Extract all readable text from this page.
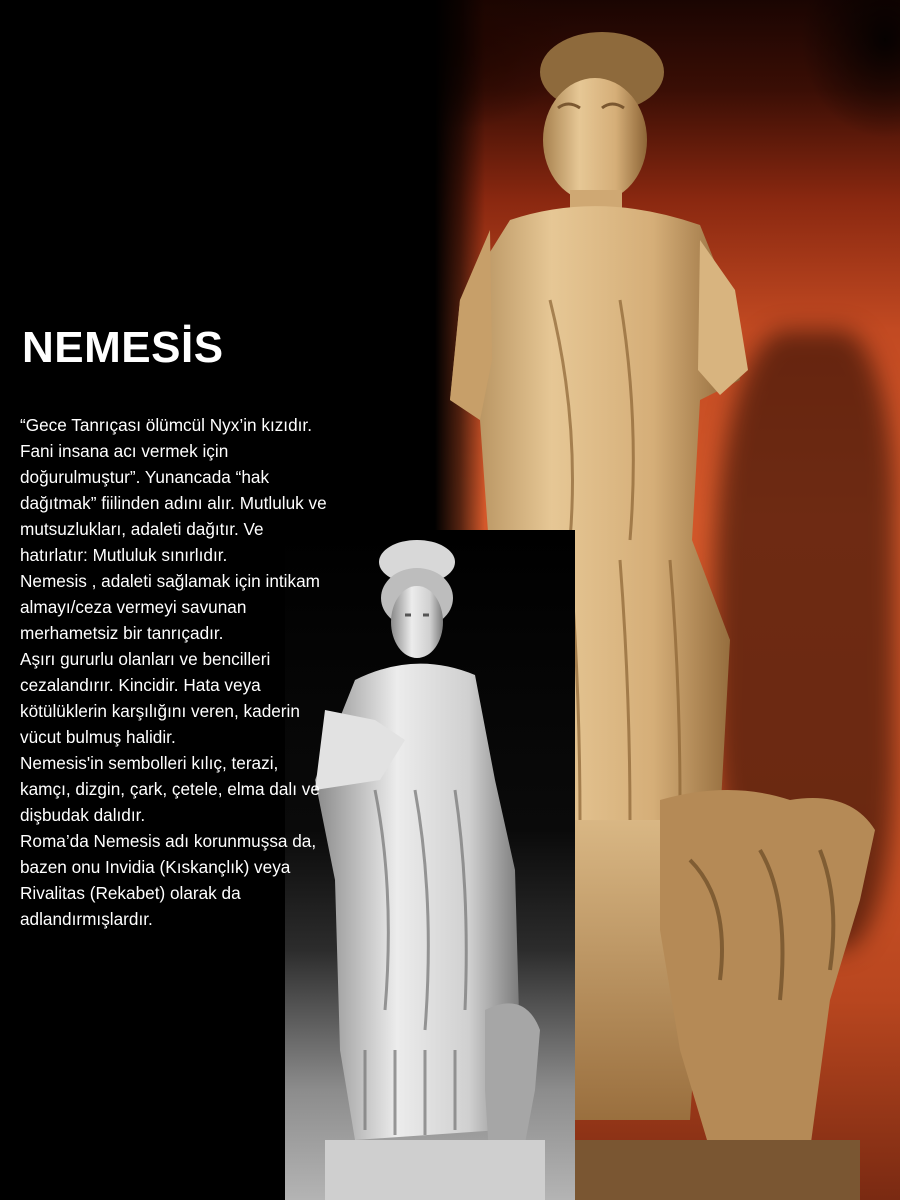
NEMESİS

“Gece Tanrıçası ölümcül Nyx’in kızıdır. Fani insana acı vermek için doğurulmuştur”. Yunancada “hak dağıtmak” fiilinden adını alır. Mutluluk ve mutsuzlukları, adaleti dağıtır. Ve hatırlatır: Mutluluk sınırlıdır.

Nemesis , adaleti sağlamak için intikam almayı/ceza vermeyi savunan merhametsiz bir tanrıçadır.

Aşırı gururlu olanları ve bencilleri cezalandırır. Kincidir. Hata veya kötülüklerin karşılığını veren, kaderin vücut bulmuş halidir.

Nemesis'in sembolleri kılıç, terazi, kamçı, dizgin, çark, çetele, elma dalı ve dişbudak dalıdır.

Roma’da Nemesis adı korunmuşsa da, bazen onu Invidia (Kıskançlık) veya Rivalitas (Rekabet) olarak da adlandırmışlardır.
